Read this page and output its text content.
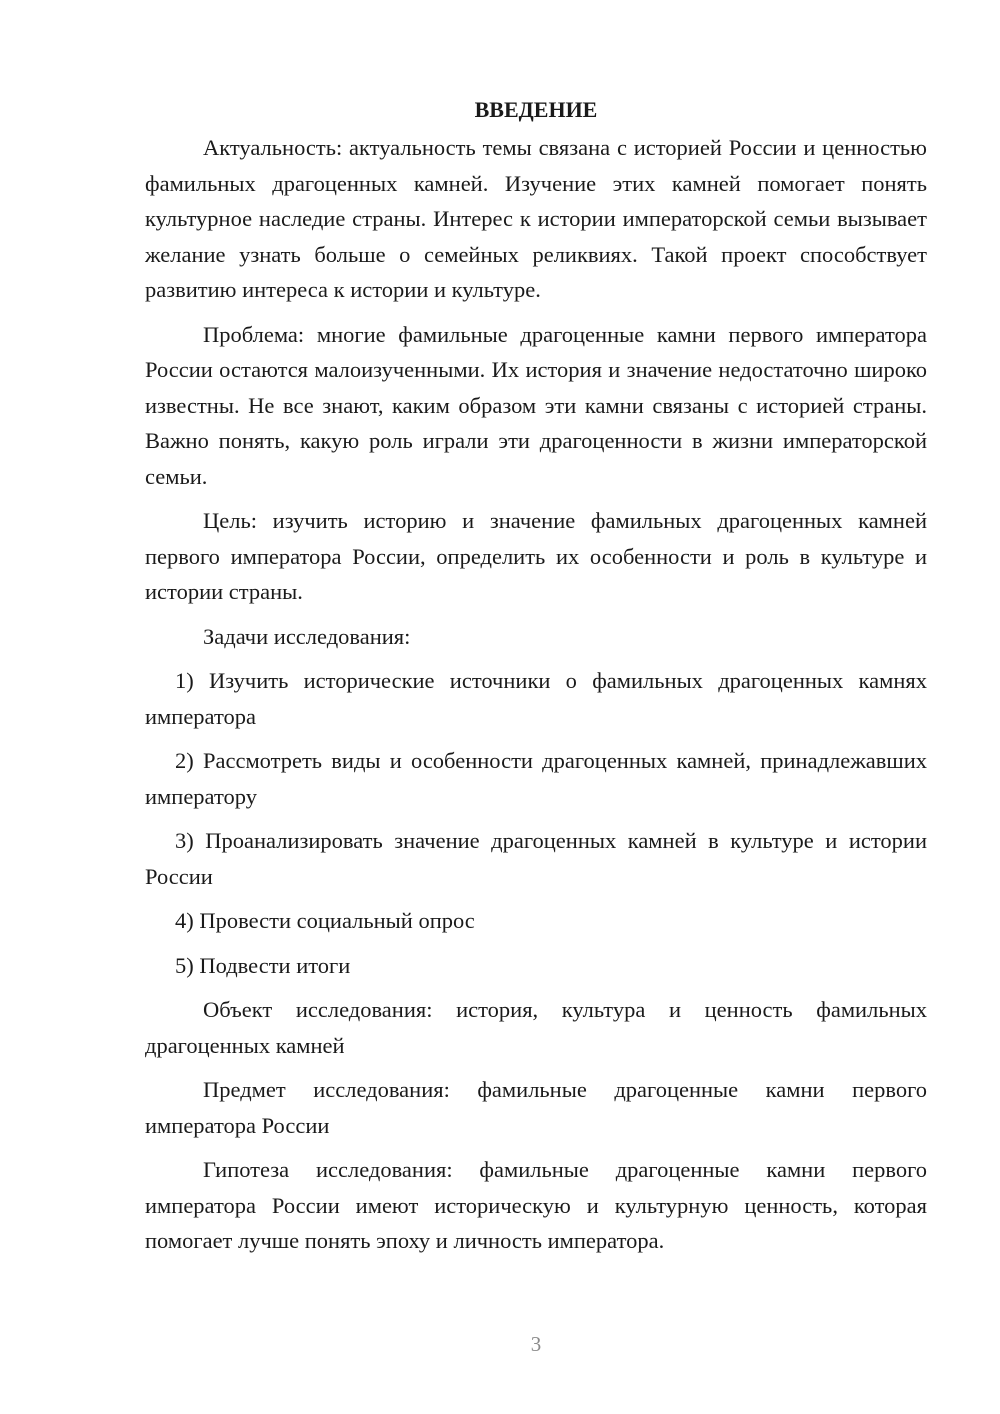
ВВЕДЕНИЕ

Актуальность: актуальность темы связана с историей России и ценностью фамильных драгоценных камней. Изучение этих камней помогает понять культурное наследие страны. Интерес к истории императорской семьи вызывает желание узнать больше о семейных реликвиях. Такой проект способствует развитию интереса к истории и культуре.

Проблема: многие фамильные драгоценные камни первого императора России остаются малоизученными. Их история и значение недостаточно широко известны. Не все знают, каким образом эти камни связаны с историей страны. Важно понять, какую роль играли эти драгоценности в жизни императорской семьи.

Цель: изучить историю и значение фамильных драгоценных камней первого императора России, определить их особенности и роль в культуре и истории страны.

Задачи исследования:

1) Изучить исторические источники о фамильных драгоценных камнях императора

2) Рассмотреть виды и особенности драгоценных камней, принадлежавших императору

3) Проанализировать значение драгоценных камней в культуре и истории России

4) Провести социальный опрос

5) Подвести итоги

Объект исследования: история, культура и ценность фамильных драгоценных камней

Предмет исследования: фамильные драгоценные камни первого императора России

Гипотеза исследования: фамильные драгоценные камни первого императора России имеют историческую и культурную ценность, которая помогает лучше понять эпоху и личность императора.

3
